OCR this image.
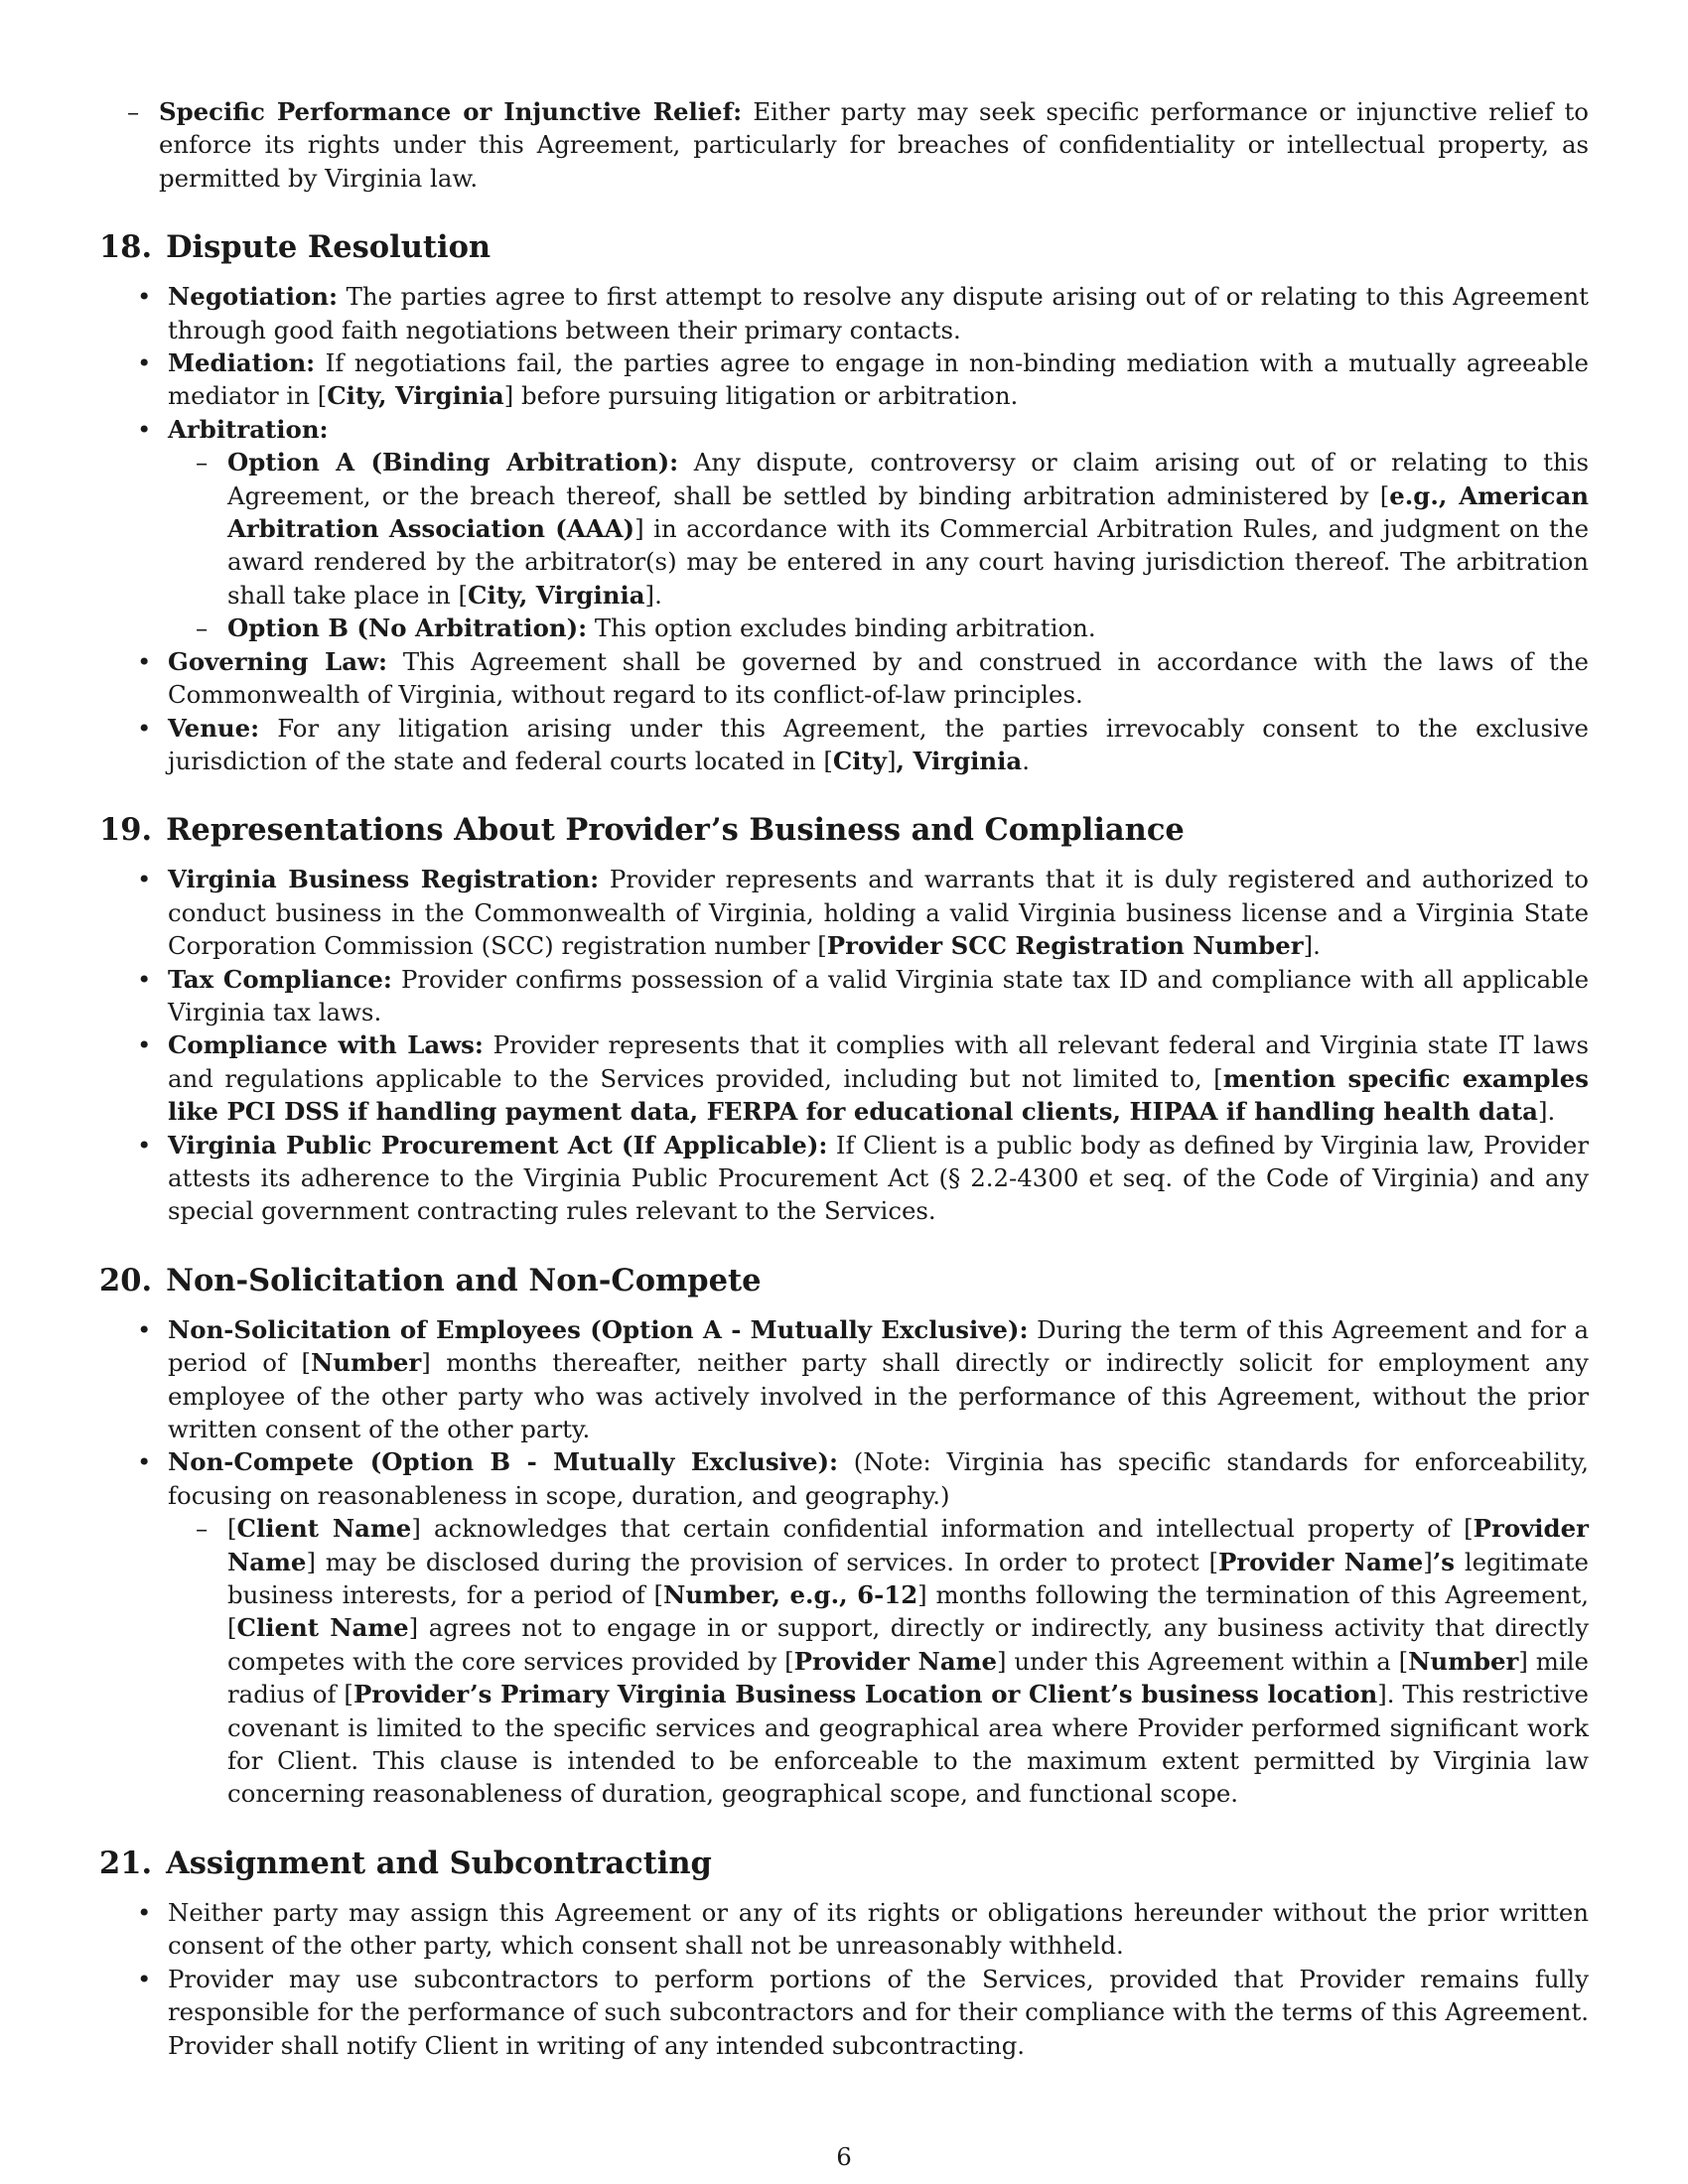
– Specific Performance or Injunctive Relief: Either party may seek specific performance or injunctive relief to enforce its rights under this Agreement, particularly for breaches of confidentiality or intellectual property, as permitted by Virginia law.
18. Dispute Resolution
• Negotiation: The parties agree to first attempt to resolve any dispute arising out of or relating to this Agreement through good faith negotiations between their primary contacts.
• Mediation: If negotiations fail, the parties agree to engage in non-binding mediation with a mutually agreeable mediator in [City, Virginia] before pursuing litigation or arbitration.
• Arbitration:
– Option A (Binding Arbitration): Any dispute, controversy or claim arising out of or relating to this Agreement, or the breach thereof, shall be settled by binding arbitration administered by [e.g., American Arbitration Association (AAA)] in accordance with its Commercial Arbitration Rules, and judgment on the award rendered by the arbitrator(s) may be entered in any court having jurisdiction thereof. The arbitration shall take place in [City, Virginia].
– Option B (No Arbitration): This option excludes binding arbitration.
• Governing Law: This Agreement shall be governed by and construed in accordance with the laws of the Commonwealth of Virginia, without regard to its conflict-of-law principles.
• Venue: For any litigation arising under this Agreement, the parties irrevocably consent to the exclusive jurisdiction of the state and federal courts located in [City], Virginia.
19. Representations About Provider’s Business and Compliance
• Virginia Business Registration: Provider represents and warrants that it is duly registered and authorized to conduct business in the Commonwealth of Virginia, holding a valid Virginia business license and a Virginia State Corporation Commission (SCC) registration number [Provider SCC Registration Number].
• Tax Compliance: Provider confirms possession of a valid Virginia state tax ID and compliance with all applicable Virginia tax laws.
• Compliance with Laws: Provider represents that it complies with all relevant federal and Virginia state IT laws and regulations applicable to the Services provided, including but not limited to, [mention specific examples like PCI DSS if handling payment data, FERPA for educational clients, HIPAA if handling health data].
• Virginia Public Procurement Act (If Applicable): If Client is a public body as defined by Virginia law, Provider attests its adherence to the Virginia Public Procurement Act (§ 2.2-4300 et seq. of the Code of Virginia) and any special government contracting rules relevant to the Services.
20. Non-Solicitation and Non-Compete
• Non-Solicitation of Employees (Option A - Mutually Exclusive): During the term of this Agreement and for a period of [Number] months thereafter, neither party shall directly or indirectly solicit for employment any employee of the other party who was actively involved in the performance of this Agreement, without the prior written consent of the other party.
• Non-Compete (Option B - Mutually Exclusive): (Note: Virginia has specific standards for enforceability, focusing on reasonableness in scope, duration, and geography.)
– [Client Name] acknowledges that certain confidential information and intellectual property of [Provider Name] may be disclosed during the provision of services. In order to protect [Provider Name]’s legitimate business interests, for a period of [Number, e.g., 6-12] months following the termination of this Agreement, [Client Name] agrees not to engage in or support, directly or indirectly, any business activity that directly competes with the core services provided by [Provider Name] under this Agreement within a [Number] mile radius of [Provider’s Primary Virginia Business Location or Client’s business location]. This restrictive covenant is limited to the specific services and geographical area where Provider performed significant work for Client. This clause is intended to be enforceable to the maximum extent permitted by Virginia law concerning reasonableness of duration, geographical scope, and functional scope.
21. Assignment and Subcontracting
• Neither party may assign this Agreement or any of its rights or obligations hereunder without the prior written consent of the other party, which consent shall not be unreasonably withheld.
• Provider may use subcontractors to perform portions of the Services, provided that Provider remains fully responsible for the performance of such subcontractors and for their compliance with the terms of this Agreement. Provider shall notify Client in writing of any intended subcontracting.
6
